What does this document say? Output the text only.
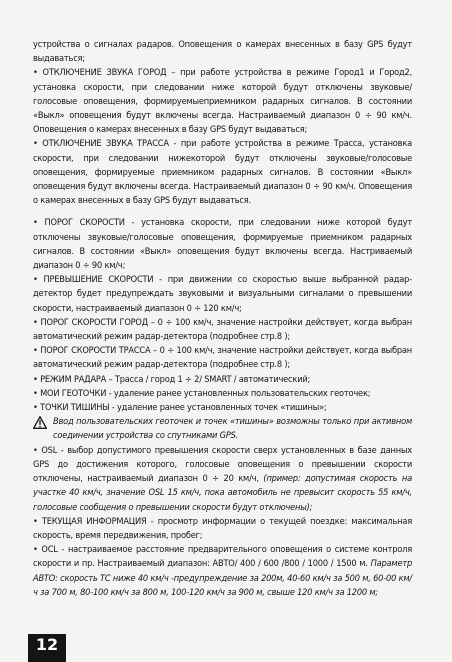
устройства о сигналах радаров. Оповещения о камерах внесенных в базу GPS будут выдаваться;

• ОТКЛЮЧЕНИЕ ЗВУКА ГОРОД – при работе устройства в режиме Город1 и Город2, установка скорости, при следовании ниже которой будут отключены звуковые/голосовые оповещения, формируемыеприемником радарных сигналов. В состоянии «Выкл» оповещения будут включены всегда. Настраиваемый диапазон 0 ÷ 90 км/ч. Оповещения о камерах внесенных в базу GPS будут выдаваться;

• ОТКЛЮЧЕНИЕ ЗВУКА ТРАССА - при работе устройства в режиме Трасса, установка скорости, при следовании нижекоторой будут отключены звуковые/голосовые оповещения, формируемые приемником радарных сигналов. В состоянии «Выкл» оповещения будут включены всегда. Настраиваемый диапазон 0 ÷ 90 км/ч. Оповещения о камерах внесенных в базу GPS будут выдаваться.

• ПОРОГ СКОРОСТИ - установка скорости, при следовании ниже которой будут отключены звуковые/голосовые оповещения, формируемые приемником радарных сигналов. В состоянии «Выкл» оповещения будут включены всегда. Настриваемый диапазон 0 ÷ 90 км/ч;

• ПРЕВЫШЕНИЕ СКОРОСТИ - при движении со скоростью выше выбранной радар-детектор будет предупреждать звуковыми и визуальными сигналами о превышении скорости, настраиваемый диапазон 0 ÷ 120 км/ч;

• ПОРОГ СКОРОСТИ ГОРОД – 0 ÷ 100 км/ч, значение настройки действует, когда выбран автоматический режим радар-детектора (подробнее стр.8 );

• ПОРОГ СКОРОСТИ ТРАССА – 0 ÷ 100 км/ч, значение настройки действует, когда выбран автоматический режим радар-детектора (подробнее стр.8 );

• РЕЖИМ РАДАРА – Трасса / город 1 ÷ 2/ SMART / автоматический;

• МОИ ГЕОТОЧКИ - удаление ранее установленных пользовательских геоточек;

• ТОЧКИ ТИШИНЫ - удаление ранее установленных точек «тишины»;

Ввод пользовательских геоточек и точек «тишины» возможны только при активном соединении устройства со спутниками GPS.

• OSL - выбор допустимого превышения скорости сверх установленных в базе данных GPS до достижения которого, голосовые оповещения о превышении скорости отключены, настраиваемый диапазон 0 ÷ 20 км/ч, (пример: допустимая скорость на участке 40 км/ч, значение OSL 15 км/ч, пока автомобиль не превысит скорость 55 км/ч, голосовые сообщения о превышении скорости будут отключены);

• ТЕКУЩАЯ ИНФОРМАЦИЯ - просмотр информации о текущей поездке: максимальная скорость, время передвижения, пробег;

• OCL - настраиваемое расстояние предварительного оповещения о системе контроля скорости и пр. Настраиваемый диапазон: АВТО/ 400 / 600 /800 / 1000 / 1500 м. Параметр АВТО: скорость ТС ниже 40 км/ч -предупреждение за 200м, 40-60 км/ч за 500 м, 60-00 км/ч за 700 м, 80-100 км/ч за 800 м, 100-120 км/ч за 900 м, свыше 120 км/ч за 1200 м;

12
